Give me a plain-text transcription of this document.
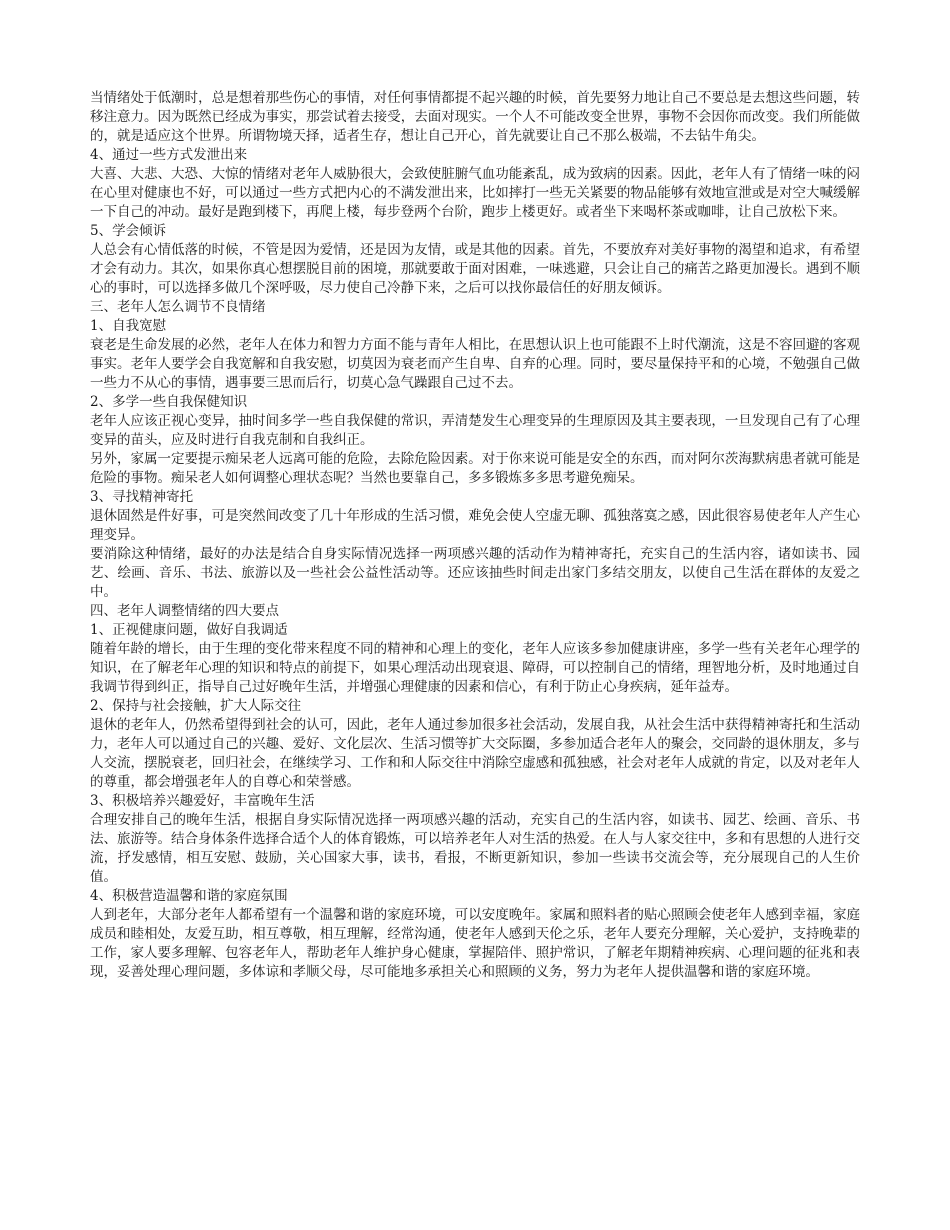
当情绪处于低潮时，总是想着那些伤心的事情，对任何事情都提不起兴趣的时候，首先要努力地让自己不要总是去想这些问题，转移注意力。因为既然已经成为事实，那尝试着去接受，去面对现实。一个人不可能改变全世界，事物不会因你而改变。我们所能做的，就是适应这个世界。所谓物境天择，适者生存，想让自己开心，首先就要让自己不那么极端，不去钻牛角尖。

4、通过一些方式发泄出来

大喜、大悲、大恐、大惊的情绪对老年人威胁很大，会致使脏腑气血功能紊乱，成为致病的因素。因此，老年人有了情绪一味的闷在心里对健康也不好，可以通过一些方式把内心的不满发泄出来，比如摔打一些无关紧要的物品能够有效地宣泄或是对空大喊缓解一下自己的冲动。最好是跑到楼下，再爬上楼，每步登两个台阶，跑步上楼更好。或者坐下来喝杯茶或咖啡，让自己放松下来。

5、学会倾诉

人总会有心情低落的时候，不管是因为爱情，还是因为友情，或是其他的因素。首先，不要放弃对美好事物的渴望和追求，有希望才会有动力。其次，如果你真心想摆脱目前的困境，那就要敢于面对困难，一味逃避，只会让自己的痛苦之路更加漫长。遇到不顺心的事时，可以选择多做几个深呼吸，尽力使自己冷静下来，之后可以找你最信任的好朋友倾诉。

三、老年人怎么调节不良情绪

1、自我宽慰

衰老是生命发展的必然，老年人在体力和智力方面不能与青年人相比，在思想认识上也可能跟不上时代潮流，这是不容回避的客观事实。老年人要学会自我宽解和自我安慰，切莫因为衰老而产生自卑、自弃的心理。同时，要尽量保持平和的心境，不勉强自己做一些力不从心的事情，遇事要三思而后行，切莫心急气躁跟自己过不去。

2、多学一些自我保健知识

老年人应该正视心变异，抽时间多学一些自我保健的常识，弄清楚发生心理变异的生理原因及其主要表现，一旦发现自己有了心理变异的苗头，应及时进行自我克制和自我纠正。

另外，家属一定要提示痴呆老人远离可能的危险，去除危险因素。对于你来说可能是安全的东西，而对阿尔茨海默病患者就可能是危险的事物。痴呆老人如何调整心理状态呢？当然也要靠自己，多多锻炼多多思考避免痴呆。

3、寻找精神寄托

退休固然是件好事，可是突然间改变了几十年形成的生活习惯，难免会使人空虚无聊、孤独落寞之感，因此很容易使老年人产生心理变异。

要消除这种情绪，最好的办法是结合自身实际情况选择一两项感兴趣的活动作为精神寄托，充实自己的生活内容，诸如读书、园艺、绘画、音乐、书法、旅游以及一些社会公益性活动等。还应该抽些时间走出家门多结交朋友，以使自己生活在群体的友爱之中。

四、老年人调整情绪的四大要点

1、正视健康问题，做好自我调适

随着年龄的增长，由于生理的变化带来程度不同的精神和心理上的变化，老年人应该多参加健康讲座，多学一些有关老年心理学的知识，在了解老年心理的知识和特点的前提下，如果心理活动出现衰退、障碍，可以控制自己的情绪，理智地分析，及时地通过自我调节得到纠正，指导自己过好晚年生活，并增强心理健康的因素和信心，有利于防止心身疾病，延年益寿。

2、保持与社会接触，扩大人际交往

退休的老年人，仍然希望得到社会的认可，因此，老年人通过参加很多社会活动，发展自我，从社会生活中获得精神寄托和生活动力，老年人可以通过自己的兴趣、爱好、文化层次、生活习惯等扩大交际圈，多参加适合老年人的聚会，交同龄的退休朋友，多与人交流，摆脱衰老，回归社会，在继续学习、工作和和人际交往中消除空虚感和孤独感，社会对老年人成就的肯定，以及对老年人的尊重，都会增强老年人的自尊心和荣誉感。

3、积极培养兴趣爱好，丰富晚年生活

合理安排自己的晚年生活，根据自身实际情况选择一两项感兴趣的活动，充实自己的生活内容，如读书、园艺、绘画、音乐、书法、旅游等。结合身体条件选择合适个人的体育锻炼，可以培养老年人对生活的热爱。在人与人家交往中，多和有思想的人进行交流，抒发感情，相互安慰、鼓励，关心国家大事，读书，看报，不断更新知识，参加一些读书交流会等，充分展现自己的人生价值。

4、积极营造温馨和谐的家庭氛围

人到老年，大部分老年人都希望有一个温馨和谐的家庭环境，可以安度晚年。家属和照料者的贴心照顾会使老年人感到幸福，家庭成员和睦相处，友爱互助，相互尊敬，相互理解，经常沟通，使老年人感到天伦之乐，老年人要充分理解，关心爱护，支持晚辈的工作，家人要多理解、包容老年人，帮助老年人维护身心健康，掌握陪伴、照护常识，了解老年期精神疾病、心理问题的征兆和表现，妥善处理心理问题，多体谅和孝顺父母，尽可能地多承担关心和照顾的义务，努力为老年人提供温馨和谐的家庭环境。
